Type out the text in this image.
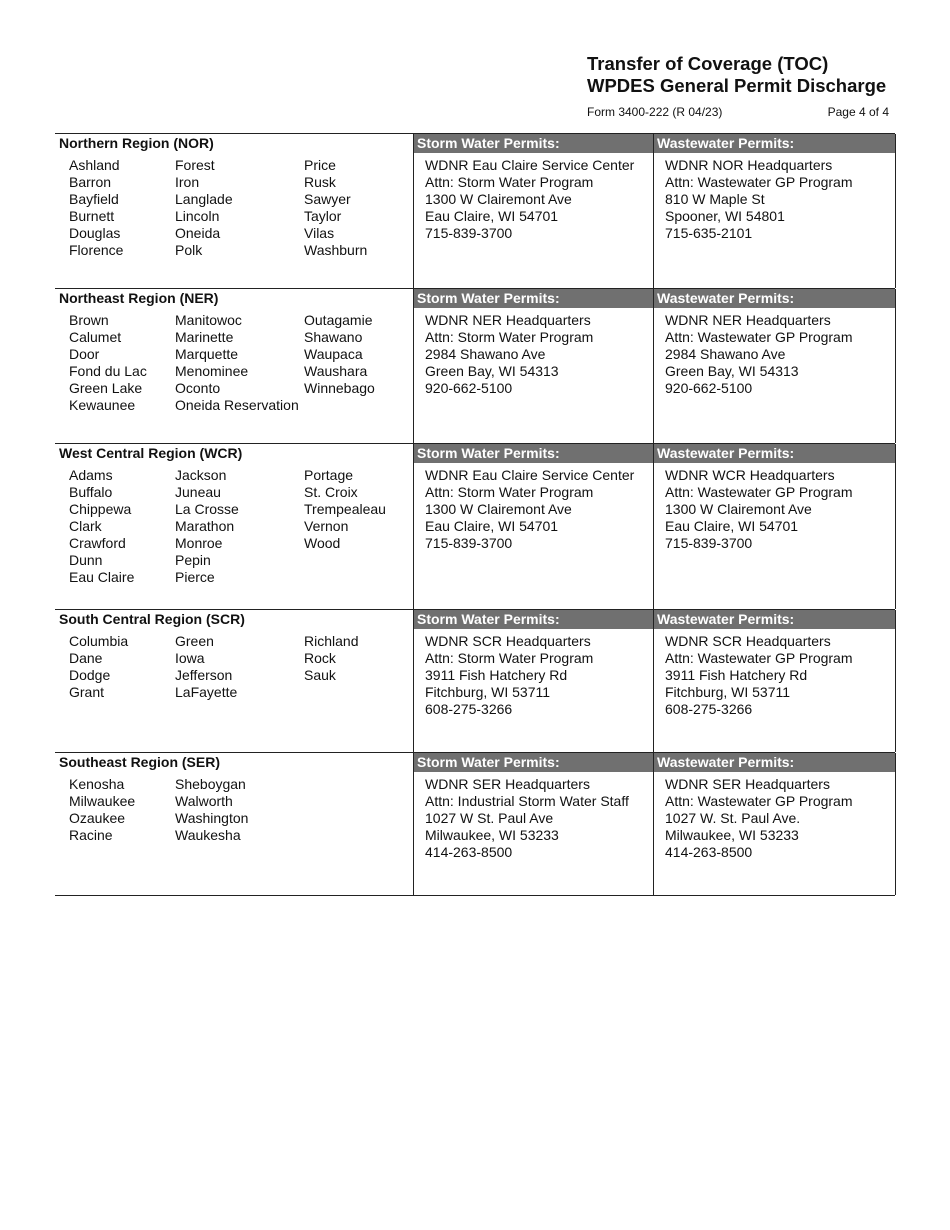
Transfer of Coverage (TOC)
WPDES General Permit Discharge
Form 3400-222 (R 04/23)	Page 4 of 4
Northern Region (NOR)
Ashland
Barron
Bayfield
Burnett
Douglas
Florence
Forest
Iron
Langlade
Lincoln
Oneida
Polk
Price
Rusk
Sawyer
Taylor
Vilas
Washburn
Storm Water Permits:
WDNR Eau Claire Service Center
Attn: Storm Water Program
1300 W Clairemont Ave
Eau Claire, WI 54701
715-839-3700
Wastewater Permits:
WDNR NOR Headquarters
Attn: Wastewater GP Program
810 W Maple St
Spooner, WI 54801
715-635-2101
Northeast Region (NER)
Brown
Calumet
Door
Fond du Lac
Green Lake
Kewaunee
Manitowoc
Marinette
Marquette
Menominee
Oconto
Oneida Reservation
Outagamie
Shawano
Waupaca
Waushara
Winnebago
Storm Water Permits:
WDNR NER Headquarters
Attn: Storm Water Program
2984 Shawano Ave
Green Bay, WI 54313
920-662-5100
Wastewater Permits:
WDNR NER Headquarters
Attn: Wastewater GP Program
2984 Shawano Ave
Green Bay, WI 54313
920-662-5100
West Central Region (WCR)
Adams
Buffalo
Chippewa
Clark
Crawford
Dunn
Eau Claire
Jackson
Juneau
La Crosse
Marathon
Monroe
Pepin
Pierce
Portage
St. Croix
Trempealeau
Vernon
Wood
Storm Water Permits:
WDNR Eau Claire Service Center
Attn: Storm Water Program
1300 W Clairemont Ave
Eau Claire, WI 54701
715-839-3700
Wastewater Permits:
WDNR WCR Headquarters
Attn: Wastewater GP Program
1300 W Clairemont Ave
Eau Claire, WI 54701
715-839-3700
South Central Region (SCR)
Columbia
Dane
Dodge
Grant
Green
Iowa
Jefferson
LaFayette
Richland
Rock
Sauk
Storm Water Permits:
WDNR SCR Headquarters
Attn: Storm Water Program
3911 Fish Hatchery Rd
Fitchburg, WI 53711
608-275-3266
Wastewater Permits:
WDNR SCR Headquarters
Attn: Wastewater GP Program
3911 Fish Hatchery Rd
Fitchburg, WI 53711
608-275-3266
Southeast Region (SER)
Kenosha
Milwaukee
Ozaukee
Racine
Sheboygan
Walworth
Washington
Waukesha
Storm Water Permits:
WDNR SER Headquarters
Attn: Industrial Storm Water Staff
1027 W St. Paul Ave
Milwaukee, WI 53233
414-263-8500
Wastewater Permits:
WDNR SER Headquarters
Attn: Wastewater GP Program
1027 W. St. Paul Ave.
Milwaukee, WI 53233
414-263-8500
